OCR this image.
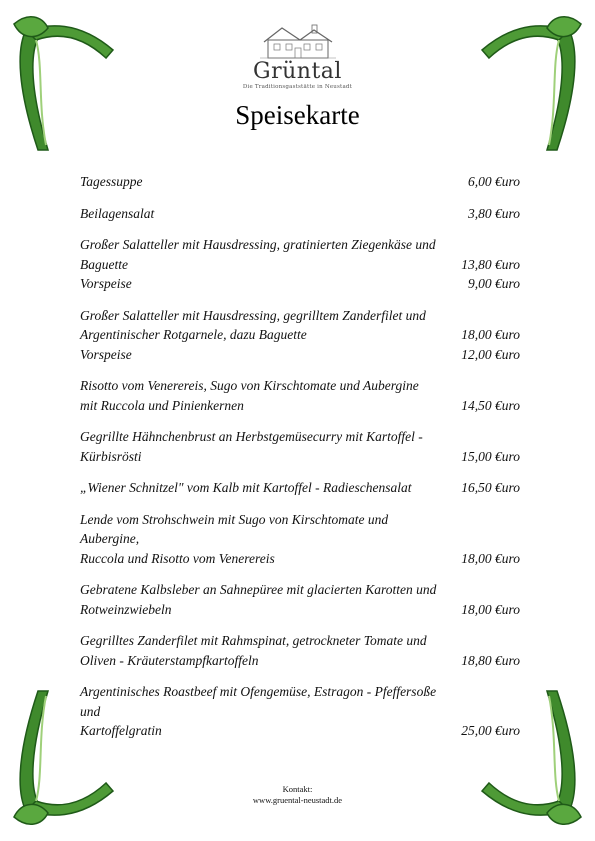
Grüntal
Die Traditionsgaststätte in Neustadt
Speisekarte
Tagessuppe	6,00 €uro
Beilagensalat	3,80 €uro
Großer Salatteller mit Hausdressing, gratinierten Ziegenkäse und
Baguette	13,80 €uro
Vorspeise	9,00 €uro
Großer Salatteller mit Hausdressing, gegrilltem Zanderfilet und
Argentinischer Rotgarnele, dazu Baguette	18,00 €uro
Vorspeise	12,00 €uro
Risotto vom Venerereis, Sugo von Kirschtomate und Aubergine
mit Ruccola und Pinienkernen	14,50 €uro
Gegrillte Hähnchenbrust an Herbstgemüsecurry mit Kartoffel -
Kürbisrösti	15,00 €uro
„Wiener Schnitzel" vom Kalb mit Kartoffel - Radieschensalat	16,50 €uro
Lende vom Strohschwein mit Sugo von Kirschtomate und Aubergine,
Ruccola und Risotto vom Venerereis	18,00 €uro
Gebratene Kalbsleber an Sahnepüree mit glacierten Karotten und
Rotweinzwiebeln	18,00 €uro
Gegrilltes Zanderfilet mit Rahmspinat, getrockneter Tomate und
Oliven - Kräuterstampfkartoffeln	18,80 €uro
Argentinisches Roastbeef mit Ofengemüse, Estragon - Pfeffersoße und
Kartoffelgratin	25,00 €uro
Kontakt:
www.gruental-neustadt.de
